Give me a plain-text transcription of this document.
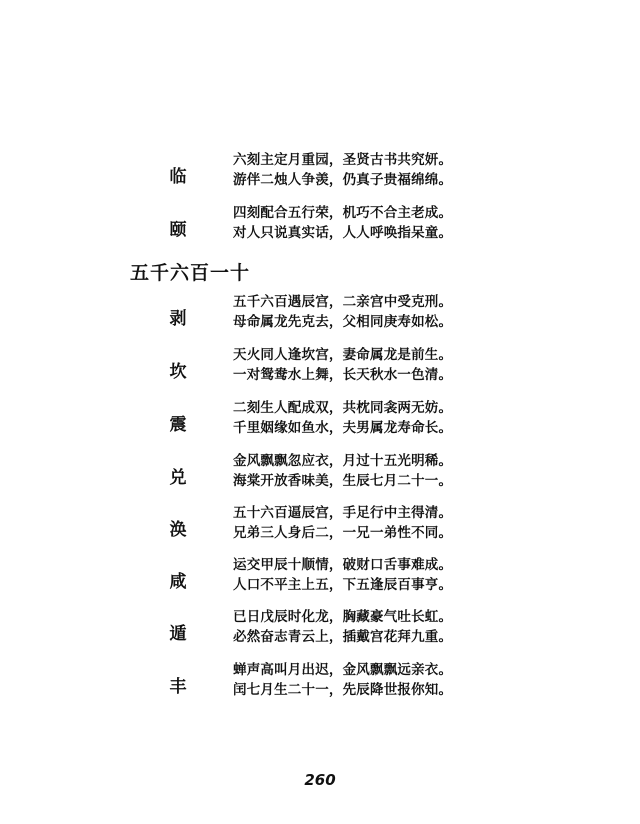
临
六刻主定月重园，圣贤古书共究妍。
游伴二烛人争羡，仍真子贵福绵绵。
颐
四刻配合五行荣，机巧不合主老成。
对人只说真实话，人人呼唤指呆童。
五千六百一十
剥
五千六百遇辰宫，二亲宫中受克刑。
母命属龙先克去，父相同庚寿如松。
坎
天火同人逢坎宫，妻命属龙是前生。
一对鸳鸯水上舞，长天秋水一色清。
震
二刻生人配成双，共枕同衾两无妨。
千里姻缘如鱼水，夫男属龙寿命长。
兑
金风飘飘忽应衣，月过十五光明稀。
海棠开放香味美，生辰七月二十一。
涣
五十六百逼辰宫，手足行中主得清。
兄弟三人身后二，一兄一弟性不同。
咸
运交甲辰十顺情，破财口舌事难成。
人口不平主上五，下五逢辰百事亨。
遁
已日戊辰时化龙，胸藏豪气吐长虹。
必然奋志青云上，插戴宫花拜九重。
丰
蝉声高叫月出迟，金风飘飘远亲衣。
闰七月生二十一，先辰降世报你知。
260
